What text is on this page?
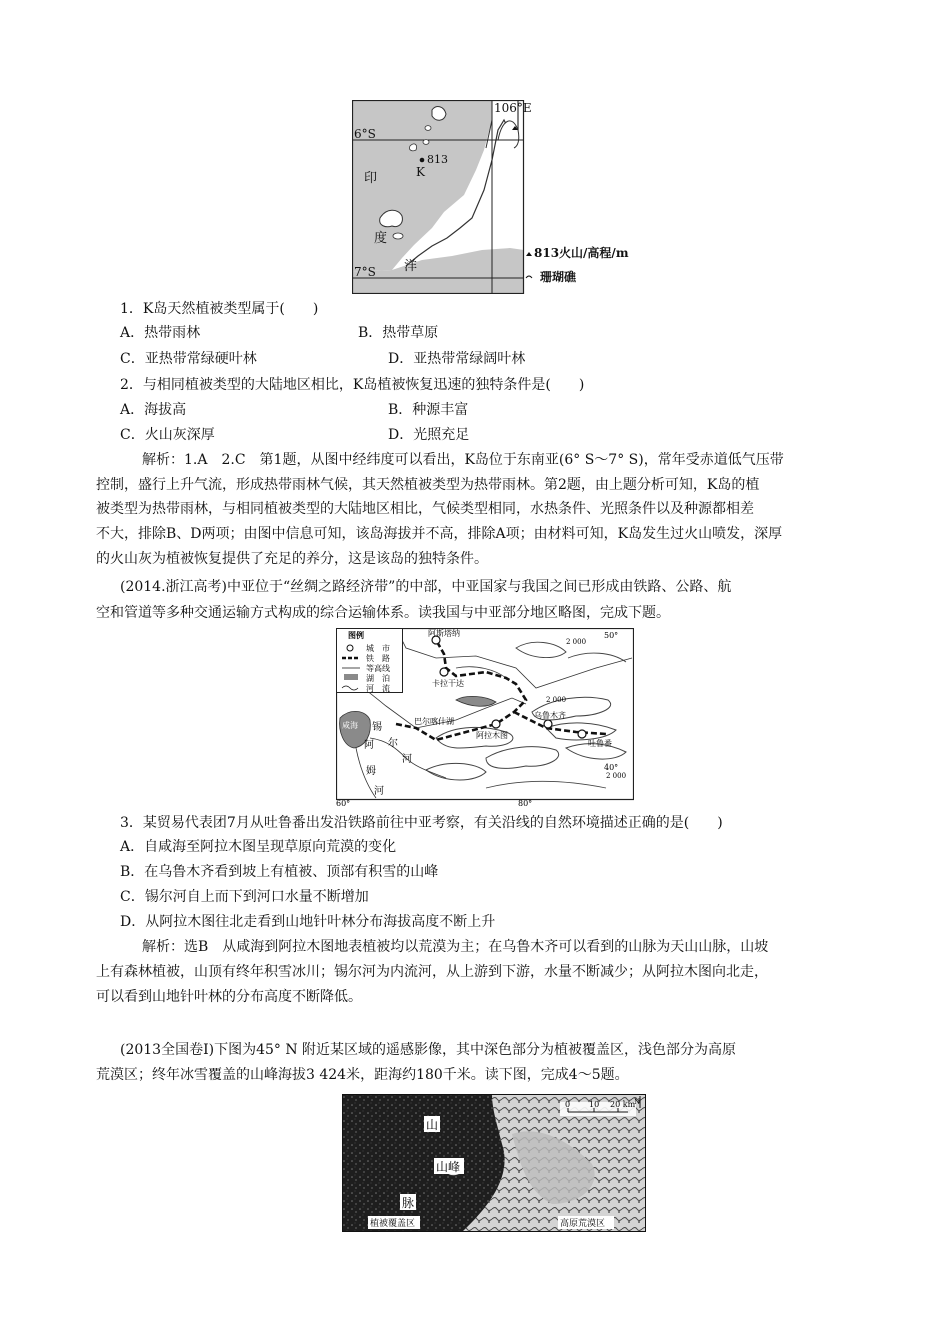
106°E
6°S
7°S
813
K
印
度
洋
813火山/高程/m
珊瑚礁
1．K岛天然植被类型属于(　　)
A．热带雨林	B．热带草原
C．亚热带常绿硬叶林	D．亚热带常绿阔叶林
2．与相同植被类型的大陆地区相比，K岛植被恢复迅速的独特条件是(　　)
A．海拔高	B．种源丰富
C．火山灰深厚	D．光照充足
解析：1.A　2.C　第1题，从图中经纬度可以看出，K岛位于东南亚(6° S～7° S)，常年受赤道低气压带
控制，盛行上升气流，形成热带雨林气候，其天然植被类型为热带雨林。第2题，由上题分析可知，K岛的植
被类型为热带雨林，与相同植被类型的大陆地区相比，气候类型相同，水热条件、光照条件以及种源都相差
不大，排除B、D两项；由图中信息可知，该岛海拔并不高，排除A项；由材料可知，K岛发生过火山喷发，深厚
的火山灰为植被恢复提供了充足的养分，这是该岛的独特条件。
(2014.浙江高考)中亚位于“丝绸之路经济带”的中部，中亚国家与我国之间已形成由铁路、公路、航
空和管道等多种交通运输方式构成的综合运输体系。读我国与中亚部分地区略图，完成下题。
图例
城　市
铁　路
等高线
湖　泊
河　流
阿斯塔纳
卡拉干达
乌鲁木齐
吐鲁番
阿拉木图
巴尔喀什湖
咸海 锡
尔
河
阿
姆
河
2 000
2 000
2 000
50°
40°
60°	80°
3．某贸易代表团7月从吐鲁番出发沿铁路前往中亚考察，有关沿线的自然环境描述正确的是(　　)
A．自咸海至阿拉木图呈现草原向荒漠的变化
B．在乌鲁木齐看到坡上有植被、顶部有积雪的山峰
C．锡尔河自上而下到河口水量不断增加
D．从阿拉木图往北走看到山地针叶林分布海拔高度不断上升
解析：选B　从咸海到阿拉木图地表植被均以荒漠为主；在乌鲁木齐可以看到的山脉为天山山脉，山坡
上有森林植被，山顶有终年积雪冰川；锡尔河为内流河，从上游到下游，水量不断减少；从阿拉木图向北走，
可以看到山地针叶林的分布高度不断降低。
(2013全国卷Ⅰ)下图为45° N 附近某区域的遥感影像，其中深色部分为植被覆盖区，浅色部分为高原
荒漠区；终年冰雪覆盖的山峰海拔3 424米，距海约180千米。读下图，完成4～5题。
0 10 20 km
N
山
山峰
脉
植被覆盖区	高原荒漠区
